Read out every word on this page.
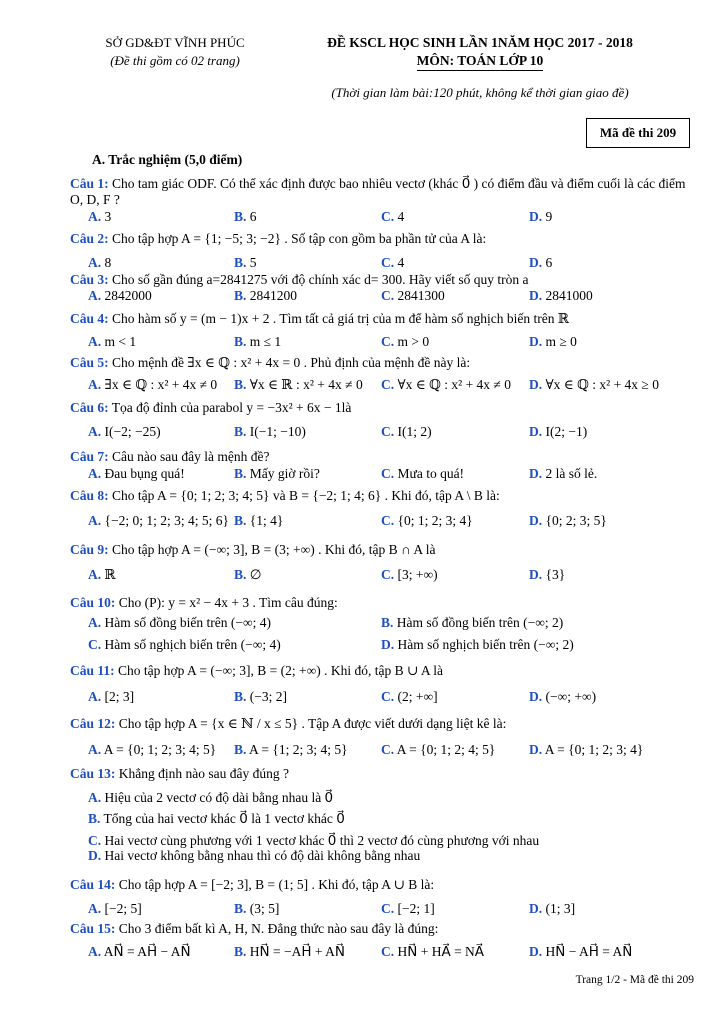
SỞ GD&ĐT VĨNH PHÚC
(Đề thi gồm có 02 trang)
ĐỀ KSCL HỌC SINH LẦN 1NĂM HỌC 2017 - 2018
MÔN: TOÁN LỚP 10
(Thời gian làm bài:120 phút, không kể thời gian giao đề)
Mã đề thi 209
A. Trắc nghiệm (5,0 điểm)
Câu 1: Cho tam giác ODF. Có thể xác định được bao nhiêu vectơ (khác 0⃗ ) có điểm đầu và điểm cuối là các điểm O, D, F ?
A. 3	B. 6	C. 4	D. 9
Câu 2: Cho tập hợp A = {1; −5; 3; −2} . Số tập con gồm ba phần tử của A là:
A. 8	B. 5	C. 4	D. 6
Câu 3: Cho số gần đúng a=2841275 với độ chính xác d= 300. Hãy viết số quy tròn a
A. 2842000	B. 2841200	C. 2841300	D. 2841000
Câu 4: Cho hàm số y = (m − 1)x + 2 . Tìm tất cả giá trị của m để hàm số nghịch biến trên ℝ
A. m < 1	B. m ≤ 1	C. m > 0	D. m ≥ 0
Câu 5: Cho mệnh đề ∃x ∈ ℚ : x² + 4x = 0 . Phủ định của mệnh đề này là:
A. ∃x ∈ ℚ : x² + 4x ≠ 0 B. ∀x ∈ ℝ : x² + 4x ≠ 0 C. ∀x ∈ ℚ : x² + 4x ≠ 0 D. ∀x ∈ ℚ : x² + 4x ≥ 0
Câu 6: Tọa độ đỉnh của parabol y = −3x² + 6x − 1là
A. I(−2; −25)	B. I(−1; −10)	C. I(1; 2)	D. I(2; −1)
Câu 7: Câu nào sau đây là mệnh đề?
A. Đau bụng quá!	B. Mấy giờ rồi?	C. Mưa to quá!	D. 2 là số lẻ.
Câu 8: Cho tập A = {0; 1; 2; 3; 4; 5} và B = {−2; 1; 4; 6} . Khi đó, tập A \ B là:
A. {−2; 0; 1; 2; 3; 4; 5; 6} B. {1; 4}	C. {0; 1; 2; 3; 4}	D. {0; 2; 3; 5}
Câu 9: Cho tập hợp A = (−∞; 3], B = (3; +∞) . Khi đó, tập B ∩ A là
A. ℝ	B. ∅	C. [3; +∞)	D. {3}
Câu 10: Cho (P): y = x² − 4x + 3 . Tìm câu đúng:
A. Hàm số đồng biến trên (−∞; 4)	B. Hàm số đồng biến trên (−∞; 2)
C. Hàm số nghịch biến trên (−∞; 4)	D. Hàm số nghịch biến trên (−∞; 2)
Câu 11: Cho tập hợp A = (−∞; 3], B = (2; +∞) . Khi đó, tập B ∪ A là
A. [2; 3]	B. (−3; 2]	C. (2; +∞]	D. (−∞; +∞)
Câu 12: Cho tập hợp A = {x ∈ ℕ / x ≤ 5} . Tập A được viết dưới dạng liệt kê là:
A. A = {0; 1; 2; 3; 4; 5} B. A = {1; 2; 3; 4; 5} C. A = {0; 1; 2; 4; 5} D. A = {0; 1; 2; 3; 4}
Câu 13: Khẳng định nào sau đây đúng ?
A. Hiệu của 2 vectơ có độ dài bằng nhau là 0⃗
B. Tổng của hai vectơ khác 0⃗ là 1 vectơ khác 0⃗
C. Hai vectơ cùng phương với 1 vectơ khác 0⃗ thì 2 vectơ đó cùng phương với nhau
D. Hai vectơ không bằng nhau thì có độ dài không bằng nhau
Câu 14: Cho tập hợp A = [−2; 3], B = (1; 5] . Khi đó, tập A ∪ B là:
A. [−2; 5]	B. (3; 5]	C. [−2; 1]	D. (1; 3]
Câu 15: Cho 3 điểm bất kì A, H, N. Đẳng thức nào sau đây là đúng:
A. AN⃗ = AH⃗ − AN⃗	B. HN⃗ = −AH⃗ + AN⃗	C. HN⃗ + HA⃗ = NA⃗	D. HN⃗ − AH⃗ = AN⃗
Trang 1/2 - Mã đề thi 209
